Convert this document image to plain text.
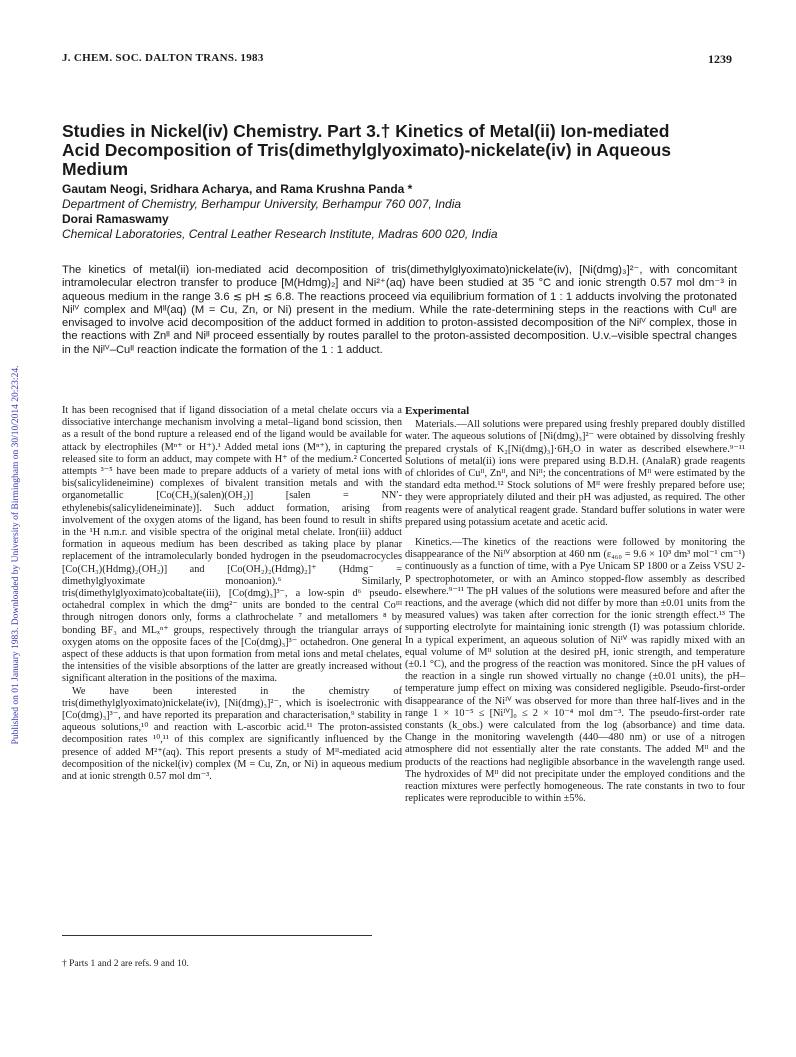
Published on 01 January 1983. Downloaded by University of Birmingham on 30/10/2014 20:23:24.
J. CHEM. SOC. DALTON TRANS. 1983	1239
Studies in Nickel(iv) Chemistry. Part 3.† Kinetics of Metal(ii) Ion-mediated Acid Decomposition of Tris(dimethylglyoximato)-nickelate(iv) in Aqueous Medium
Gautam Neogi, Sridhara Acharya, and Rama Krushna Panda *
Department of Chemistry, Berhampur University, Berhampur 760 007, India
Dorai Ramaswamy
Chemical Laboratories, Central Leather Research Institute, Madras 600 020, India
The kinetics of metal(ii) ion-mediated acid decomposition of tris(dimethylglyoximato)nickelate(iv), [Ni(dmg)₃]²⁻, with concomitant intramolecular electron transfer to produce [M(Hdmg)₂] and Ni²⁺(aq) have been studied at 35 °C and ionic strength 0.57 mol dm⁻³ in aqueous medium in the range 3.6 ≲ pH ≲ 6.8. The reactions proceed via equilibrium formation of 1 : 1 adducts involving the protonated Niᴵⱽ complex and Mᴵᴵ(aq) (M = Cu, Zn, or Ni) present in the medium. While the rate-determining steps in the reactions with Cuᴵᴵ are envisaged to involve acid decomposition of the adduct formed in addition to proton-assisted decomposition of the Niᴵⱽ complex, those in the reactions with Znᴵᴵ and Niᴵᴵ proceed essentially by routes parallel to the proton-assisted decomposition. U.v.–visible spectral changes in the Niᴵⱽ–Cuᴵᴵ reaction indicate the formation of the 1 : 1 adduct.

It has been recognised that if ligand dissociation of a metal chelate occurs via a dissociative interchange mechanism involving a metal–ligand bond scission, then as a result of the bond rupture a released end of the ligand would be available for attack by electrophiles (Mⁿ⁺ or H⁺).¹ Added metal ions (Mⁿ⁺), in capturing the released site to form an adduct, may compete with H⁺ of the medium.² Concerted attempts ³⁻⁵ have been made to prepare adducts of a variety of metal ions with bis(salicylideneimine) complexes of bivalent transition metals and with the organometallic [Co(CH₃)(salen)(OH₂)] [salen = NN′-ethylenebis(salicylideneiminate)]. Such adduct formation, arising from involvement of the oxygen atoms of the ligand, has been found to result in shifts in the ¹H n.m.r. and visible spectra of the original metal chelate. Iron(iii) adduct formation in aqueous medium has been described as taking place by planar replacement of the intramolecularly bonded hydrogen in the pseudomacrocycles [Co(CH₃)(Hdmg)₂(OH₂)] and [Co(OH₂)₂(Hdmg)₂]⁺ (Hdmg⁻ = dimethylglyoximate monoanion).⁶ Similarly, tris(dimethylglyoximato)cobaltate(iii), [Co(dmg)₃]³⁻, a low-spin d⁶ pseudo-octahedral complex in which the dmg²⁻ units are bonded to the central Coᴵᴵᴵ through nitrogen donors only, forms a clathrochelate ⁷ and metallomers ⁸ by bonding BF₃ and MLₓⁿ⁺ groups, respectively through the triangular arrays of oxygen atoms on the opposite faces of the [Co(dmg)₃]³⁻ octahedron. One general aspect of these adducts is that upon formation from metal ions and metal chelates, the intensities of the visible absorptions of the latter are greatly increased without significant alteration in the positions of the maxima.

We have been interested in the chemistry of tris(dimethylglyoximato)nickelate(iv), [Ni(dmg)₃]²⁻, which is isoelectronic with [Co(dmg)₃]³⁻, and have reported its preparation and characterisation,⁹ stability in aqueous solutions,¹⁰ and reaction with L-ascorbic acid.¹¹ The proton-assisted decomposition rates ¹⁰,¹¹ of this complex are significantly influenced by the presence of added M²⁺(aq). This report presents a study of Mᴵᴵ-mediated acid decomposition of the nickel(iv) complex (M = Cu, Zn, or Ni) in aqueous medium and at ionic strength 0.57 mol dm⁻³.

Experimental

Materials.—All solutions were prepared using freshly prepared doubly distilled water. The aqueous solutions of [Ni(dmg)₃]²⁻ were obtained by dissolving freshly prepared crystals of K₂[Ni(dmg)₃]·6H₂O in water as described elsewhere.⁹⁻¹¹ Solutions of metal(ii) ions were prepared using B.D.H. (AnalaR) grade reagents of chlorides of Cuᴵᴵ, Znᴵᴵ, and Niᴵᴵ; the concentrations of Mᴵᴵ were estimated by the standard edta method.¹² Stock solutions of Mᴵᴵ were freshly prepared before use; they were appropriately diluted and their pH was adjusted, as required. The other reagents were of analytical reagent grade. Standard buffer solutions in water were prepared using potassium acetate and acetic acid.

Kinetics.—The kinetics of the reactions were followed by monitoring the disappearance of the Niᴵⱽ absorption at 460 nm (ε₄₆₀ = 9.6 × 10³ dm³ mol⁻¹ cm⁻¹) continuously as a function of time, with a Pye Unicam SP 1800 or a Zeiss VSU 2-P spectrophotometer, or with an Aminco stopped-flow assembly as described elsewhere.⁹⁻¹¹ The pH values of the solutions were measured before and after the reactions, and the average (which did not differ by more than ±0.01 units from the measured values) was taken after correction for the ionic strength effect.¹³ The supporting electrolyte for maintaining ionic strength (I) was potassium chloride. In a typical experiment, an aqueous solution of Niᴵⱽ was rapidly mixed with an equal volume of Mᴵᴵ solution at the desired pH, ionic strength, and temperature (±0.1 °C), and the progress of the reaction was monitored. Since the pH values of the reaction in a single run showed virtually no change (±0.01 units), the pH–temperature jump effect on mixing was considered negligible. Pseudo-first-order disappearance of the Niᴵⱽ was observed for more than three half-lives and in the range 1 × 10⁻⁵ ≤ [Niᴵⱽ]₀ ≤ 2 × 10⁻⁴ mol dm⁻³. The pseudo-first-order rate constants (k_obs.) were calculated from the log (absorbance) and time data. Change in the monitoring wavelength (440—480 nm) or use of a nitrogen atmosphere did not essentially alter the rate constants. The added Mᴵᴵ and the products of the reactions had negligible absorbance in the wavelength range used. The hydroxides of Mᴵᴵ did not precipitate under the employed conditions and the reaction mixtures were perfectly homogeneous. The rate constants in two to four replicates were reproducible to within ±5%.

† Parts 1 and 2 are refs. 9 and 10.
